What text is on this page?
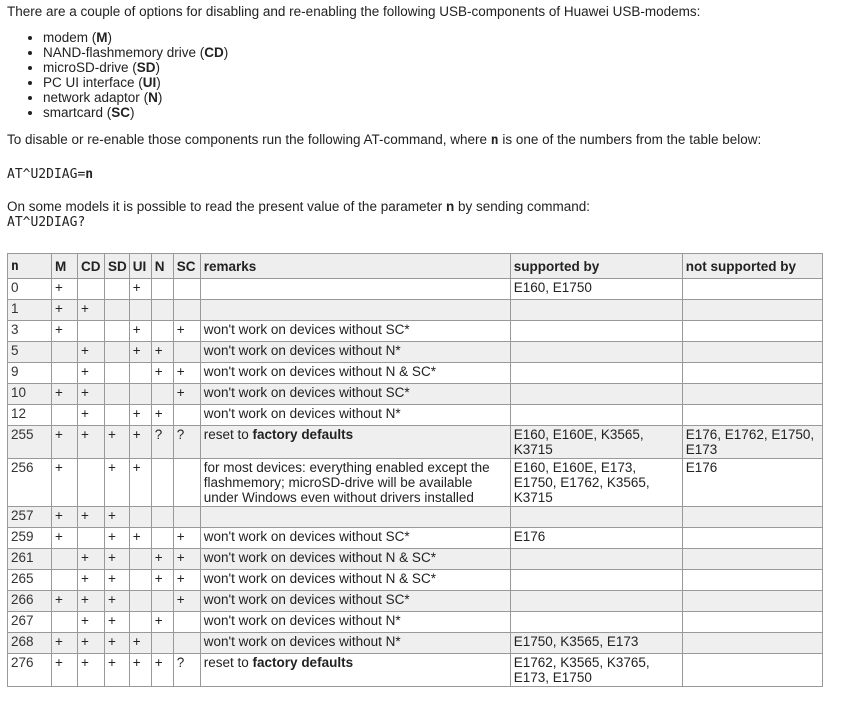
There are a couple of options for disabling and re-enabling the following USB-components of Huawei USB-modems:

• modem (M)
• NAND-flashmemory drive (CD)
• microSD-drive (SD)
• PC UI interface (UI)
• network adaptor (N)
• smartcard (SC)

To disable or re-enable those components run the following AT-command, where n is one of the numbers from the table below:

AT^U2DIAG=n

On some models it is possible to read the present value of the parameter n by sending command:

AT^U2DIAG?
n	M	CD	SD	UI	N	SC	remarks	supported by	not supported by
0	+			+				E160, E1750	
1	+	+							
3	+			+		+	won't work on devices without SC*		
5		+		+	+		won't work on devices without N*		
9		+			+	+	won't work on devices without N & SC*		
10	+	+				+	won't work on devices without SC*		
12		+		+	+		won't work on devices without N*		
255	+	+	+	+	?	?	reset to factory defaults	E160, E160E, K3565, K3715	E176, E1762, E1750, E173
256	+		+	+			for most devices: everything enabled except the flashmemory; microSD-drive will be available under Windows even without drivers installed	E160, E160E, E173, E1750, E1762, K3565, K3715	E176
257	+	+	+						
259	+		+	+		+	won't work on devices without SC*	E176	
261		+	+		+	+	won't work on devices without N & SC*		
265		+	+		+	+	won't work on devices without N & SC*		
266	+	+	+			+	won't work on devices without SC*		
267		+	+		+		won't work on devices without N*		
268	+	+	+	+			won't work on devices without N*	E1750, K3565, E173	
276	+	+	+	+	+	?	reset to factory defaults	E1762, K3565, K3765, E173, E1750	
